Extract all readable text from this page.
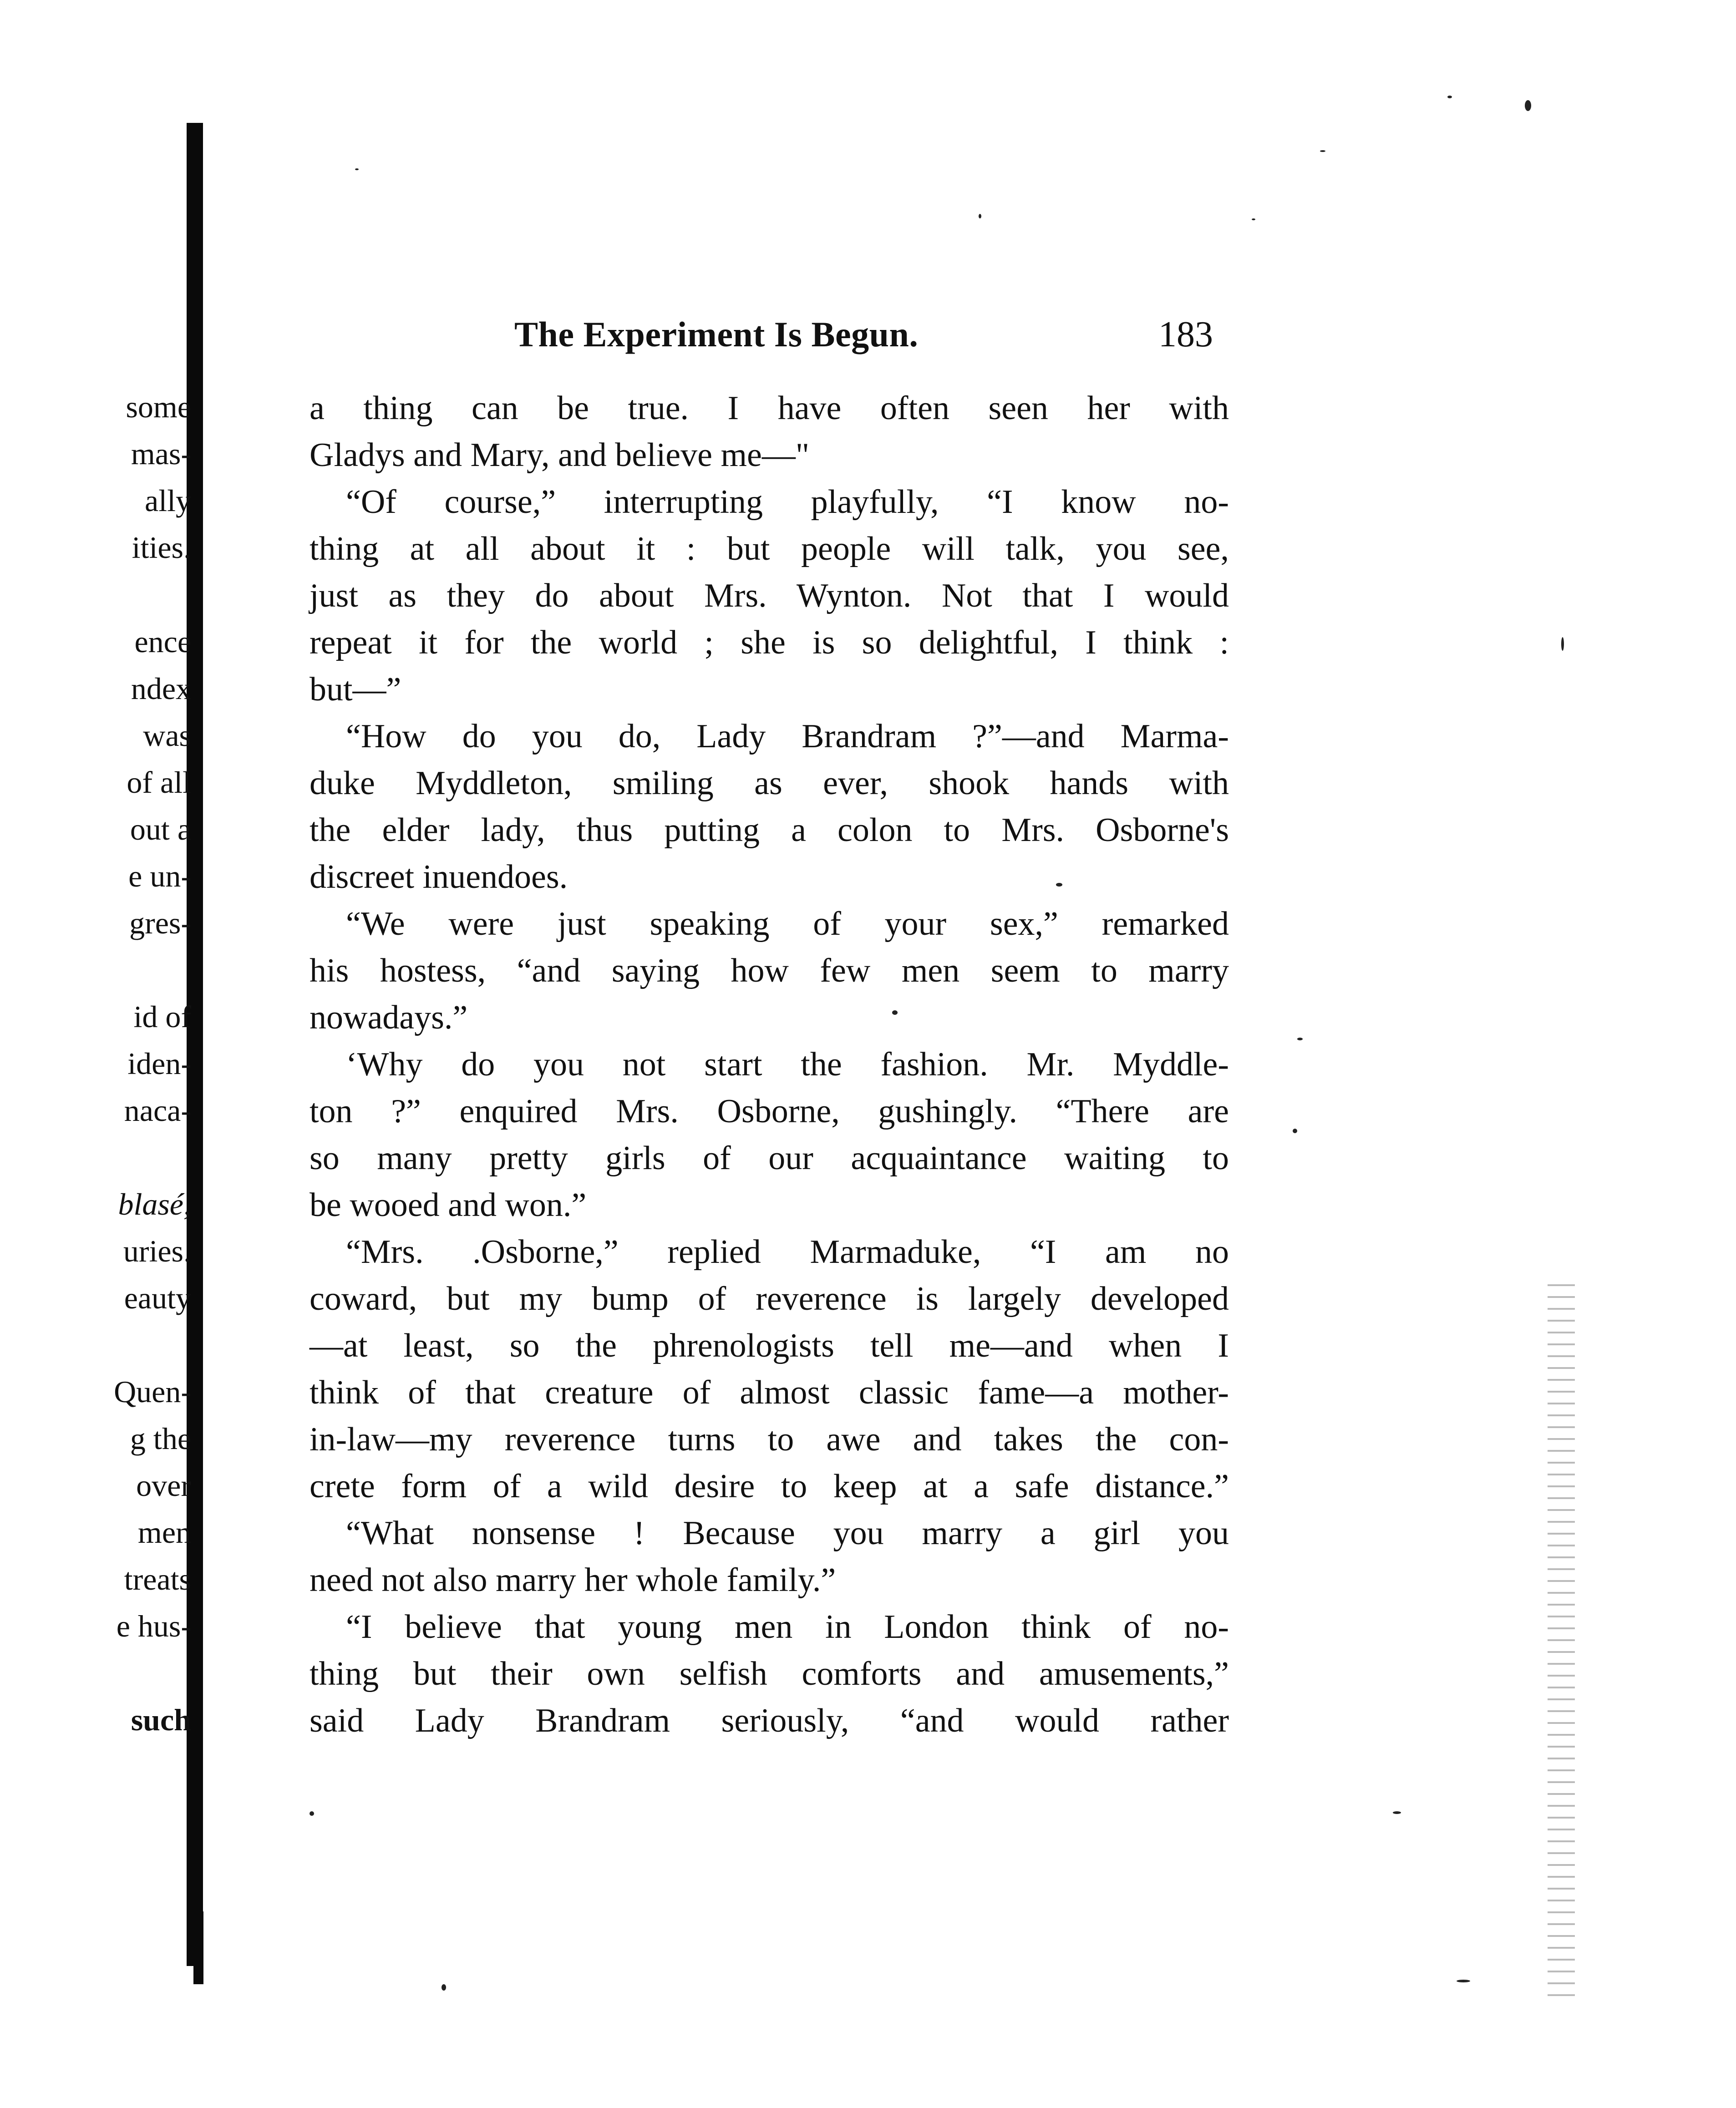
The Experiment Is Begun.	183
some
mas-
ally
ities.
ence
ndex
was
of all
out a
e un-
gres-
id of
iden-
naca-
blasé,
uries.
eauty
Quen-
g the
over
men
treats
e hus-
such
a thing can be true. I have often seen her with
Gladys and Mary, and believe me—"
“Of course,” interrupting playfully, “I know no-
thing at all about it : but people will talk, you see,
just as they do about Mrs. Wynton. Not that I would
repeat it for the world ; she is so delightful, I think :
but—”
“How do you do, Lady Brandram ?”—and Marma-
duke Myddleton, smiling as ever, shook hands with
the elder lady, thus putting a colon to Mrs. Osborne's
discreet inuendoes.
“We were just speaking of your sex,” remarked
his hostess, “and saying how few men seem to marry
nowadays.”
‘Why do you not start the fashion. Mr. Myddle-
ton ?” enquired Mrs. Osborne, gushingly. “There are
so many pretty girls of our acquaintance waiting to
be wooed and won.”
“Mrs. .Osborne,” replied Marmaduke, “I am no
coward, but my bump of reverence is largely developed
—at least, so the phrenologists tell me—and when I
think of that creature of almost classic fame—a mother-
in-law—my reverence turns to awe and takes the con-
crete form of a wild desire to keep at a safe distance.”
“What nonsense ! Because you marry a girl you
need not also marry her whole family.”
“I believe that young men in London think of no-
thing but their own selfish comforts and amusements,”
said Lady Brandram seriously, “and would rather
